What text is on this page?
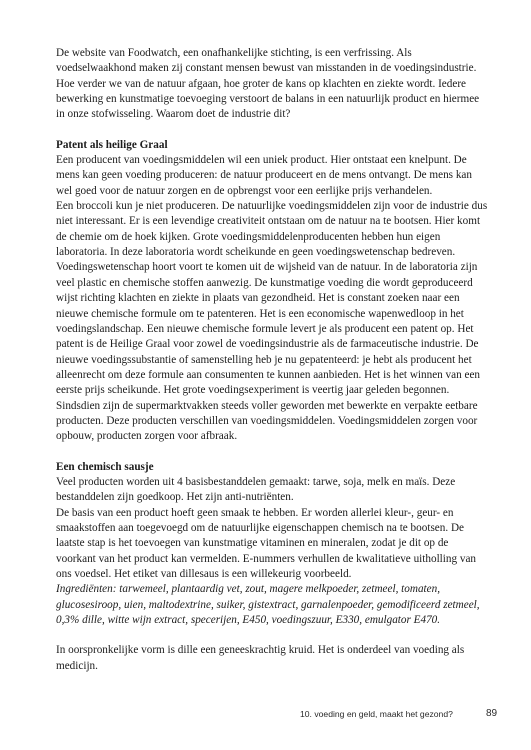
De website van Foodwatch, een onafhankelijke stichting, is een verfrissing. Als voedselwaakhond maken zij constant mensen bewust van misstanden in de voedingsindustrie. Hoe verder we van de natuur afgaan, hoe groter de kans op klachten en ziekte wordt. Iedere bewerking en kunstmatige toevoeging verstoort de balans in een natuurlijk product en hiermee in onze stofwisseling. Waarom doet de industrie dit?

Patent als heilige Graal

Een producent van voedingsmiddelen wil een uniek product. Hier ontstaat een knelpunt. De mens kan geen voeding produceren: de natuur produceert en de mens ontvangt. De mens kan wel goed voor de natuur zorgen en de opbrengst voor een eerlijke prijs verhandelen.

Een broccoli kun je niet produceren. De natuurlijke voedingsmiddelen zijn voor de industrie dus niet interessant. Er is een levendige creativiteit ontstaan om de natuur na te bootsen. Hier komt de chemie om de hoek kijken. Grote voedingsmiddelenproducenten hebben hun eigen laboratoria. In deze laboratoria wordt scheikunde en geen voedingswetenschap bedreven. Voedingswetenschap hoort voort te komen uit de wijsheid van de natuur. In de laboratoria zijn veel plastic en chemische stoffen aanwezig. De kunstmatige voeding die wordt geproduceerd wijst richting klachten en ziekte in plaats van gezondheid. Het is constant zoeken naar een nieuwe chemische formule om te patenteren. Het is een economische wapenwedloop in het voedingslandschap. Een nieuwe chemische formule levert je als producent een patent op. Het patent is de Heilige Graal voor zowel de voedingsindustrie als de farmaceutische industrie. De nieuwe voedingssubstantie of samenstelling heb je nu gepatenteerd: je hebt als producent het alleenrecht om deze formule aan consumenten te kunnen aanbieden. Het is het winnen van een eerste prijs scheikunde. Het grote voedingsexperiment is veertig jaar geleden begonnen. Sindsdien zijn de supermarktvakken steeds voller geworden met bewerkte en verpakte eetbare producten. Deze producten verschillen van voedingsmiddelen. Voedingsmiddelen zorgen voor opbouw, producten zorgen voor afbraak.

Een chemisch sausje

Veel producten worden uit 4 basisbestanddelen gemaakt: tarwe, soja, melk en maïs. Deze bestanddelen zijn goedkoop. Het zijn anti-nutriënten.

De basis van een product hoeft geen smaak te hebben. Er worden allerlei kleur-, geur- en smaakstoffen aan toegevoegd om de natuurlijke eigenschappen chemisch na te bootsen. De laatste stap is het toevoegen van kunstmatige vitaminen en mineralen, zodat je dit op de voorkant van het product kan vermelden. E-nummers verhullen de kwalitatieve uitholling van ons voedsel. Het etiket van dillesaus is een willekeurig voorbeeld.

Ingrediënten: tarwemeel, plantaardig vet, zout, magere melkpoeder, zetmeel, tomaten, glucosesiroop, uien, maltodextrine, suiker, gistextract, garnalenpoeder, gemodificeerd zetmeel, 0,3% dille, witte wijn extract, specerijen, E450, voedingszuur, E330, emulgator E470.

In oorspronkelijke vorm is dille een geneeskrachtig kruid. Het is onderdeel van voeding als medicijn.

10. voeding en geld, maakt het gezond?	89
